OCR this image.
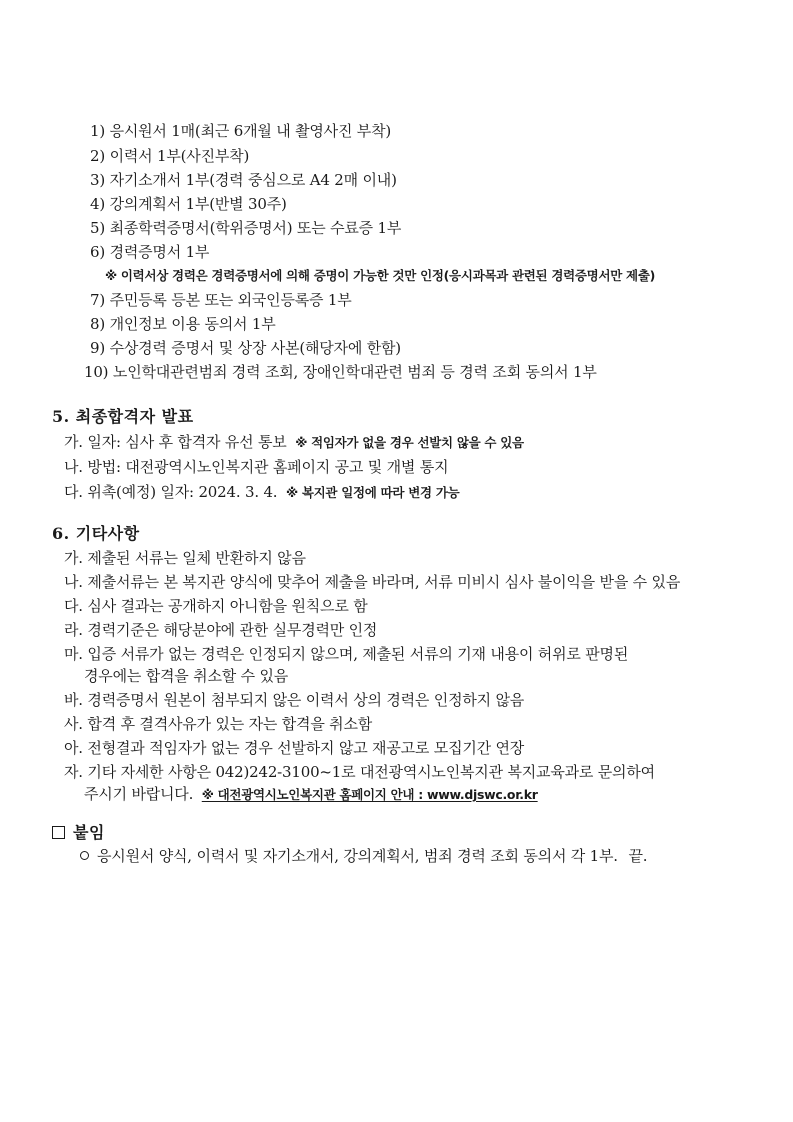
1) 응시원서 1매(최근 6개월 내 촬영사진 부착)
2) 이력서 1부(사진부착)
3) 자기소개서 1부(경력 중심으로 A4 2매 이내)
4) 강의계획서 1부(반별 30주)
5) 최종학력증명서(학위증명서) 또는 수료증 1부
6) 경력증명서 1부
※ 이력서상 경력은 경력증명서에 의해 증명이 가능한 것만 인정(응시과목과 관련된 경력증명서만 제출)
7) 주민등록 등본 또는 외국인등록증 1부
8) 개인정보 이용 동의서 1부
9) 수상경력 증명서 및 상장 사본(해당자에 한함)
10) 노인학대관련범죄 경력 조회, 장애인학대관련 범죄 등 경력 조회 동의서 1부
5. 최종합격자 발표
가. 일자: 심사 후 합격자 유선 통보 ※ 적임자가 없을 경우 선발치 않을 수 있음
나. 방법: 대전광역시노인복지관 홈페이지 공고 및 개별 통지
다. 위촉(예정) 일자: 2024. 3. 4. ※ 복지관 일정에 따라 변경 가능
6. 기타사항
가. 제출된 서류는 일체 반환하지 않음
나. 제출서류는 본 복지관 양식에 맞추어 제출을 바라며, 서류 미비시 심사 불이익을 받을 수 있음
다. 심사 결과는 공개하지 아니함을 원칙으로 함
라. 경력기준은 해당분야에 관한 실무경력만 인정
마. 입증 서류가 없는 경력은 인정되지 않으며, 제출된 서류의 기재 내용이 허위로 판명된
경우에는 합격을 취소할 수 있음
바. 경력증명서 원본이 첨부되지 않은 이력서 상의 경력은 인정하지 않음
사. 합격 후 결격사유가 있는 자는 합격을 취소함
아. 전형결과 적임자가 없는 경우 선발하지 않고 재공고로 모집기간 연장
자. 기타 자세한 사항은 042)242-3100~1로 대전광역시노인복지관 복지교육과로 문의하여
주시기 바랍니다. ※ 대전광역시노인복지관 홈페이지 안내 : www.djswc.or.kr
붙임
응시원서 양식, 이력서 및 자기소개서, 강의계획서, 범죄 경력 조회 동의서 각 1부. 끝.
